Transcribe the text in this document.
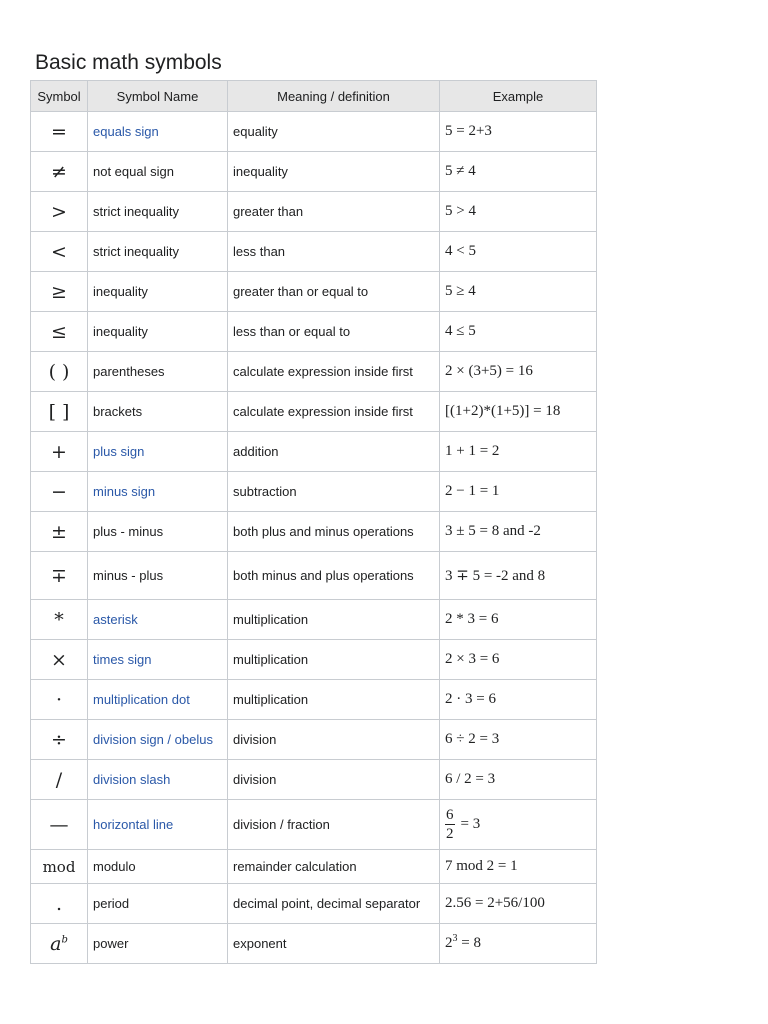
Basic math symbols
Symbol	Symbol Name	Meaning / definition	Example
=	equals sign	equality	5 = 2+3
≠	not equal sign	inequality	5 ≠ 4
>	strict inequality	greater than	5 > 4
<	strict inequality	less than	4 < 5
≥	inequality	greater than or equal to	5 ≥ 4
≤	inequality	less than or equal to	4 ≤ 5
( )	parentheses	calculate expression inside first	2 × (3+5) = 16
[ ]	brackets	calculate expression inside first	[(1+2)*(1+5)] = 18
+	plus sign	addition	1 + 1 = 2
−	minus sign	subtraction	2 − 1 = 1
±	plus - minus	both plus and minus operations	3 ± 5 = 8 and -2
∓	minus - plus	both minus and plus operations	3 ∓ 5 = -2 and 8
*	asterisk	multiplication	2 * 3 = 6
×	times sign	multiplication	2 × 3 = 6
·	multiplication dot	multiplication	2 · 3 = 6
÷	division sign / obelus	division	6 ÷ 2 = 3
/	division slash	division	6 / 2 = 3
—	horizontal line	division / fraction	$\frac{6}{2} = 3$

mod	modulo	remainder calculation	7 mod 2 = 1
.	period	decimal point, decimal separator	2.56 = 2+56/100
$a^b$	power	exponent	$2^3 = 8$
